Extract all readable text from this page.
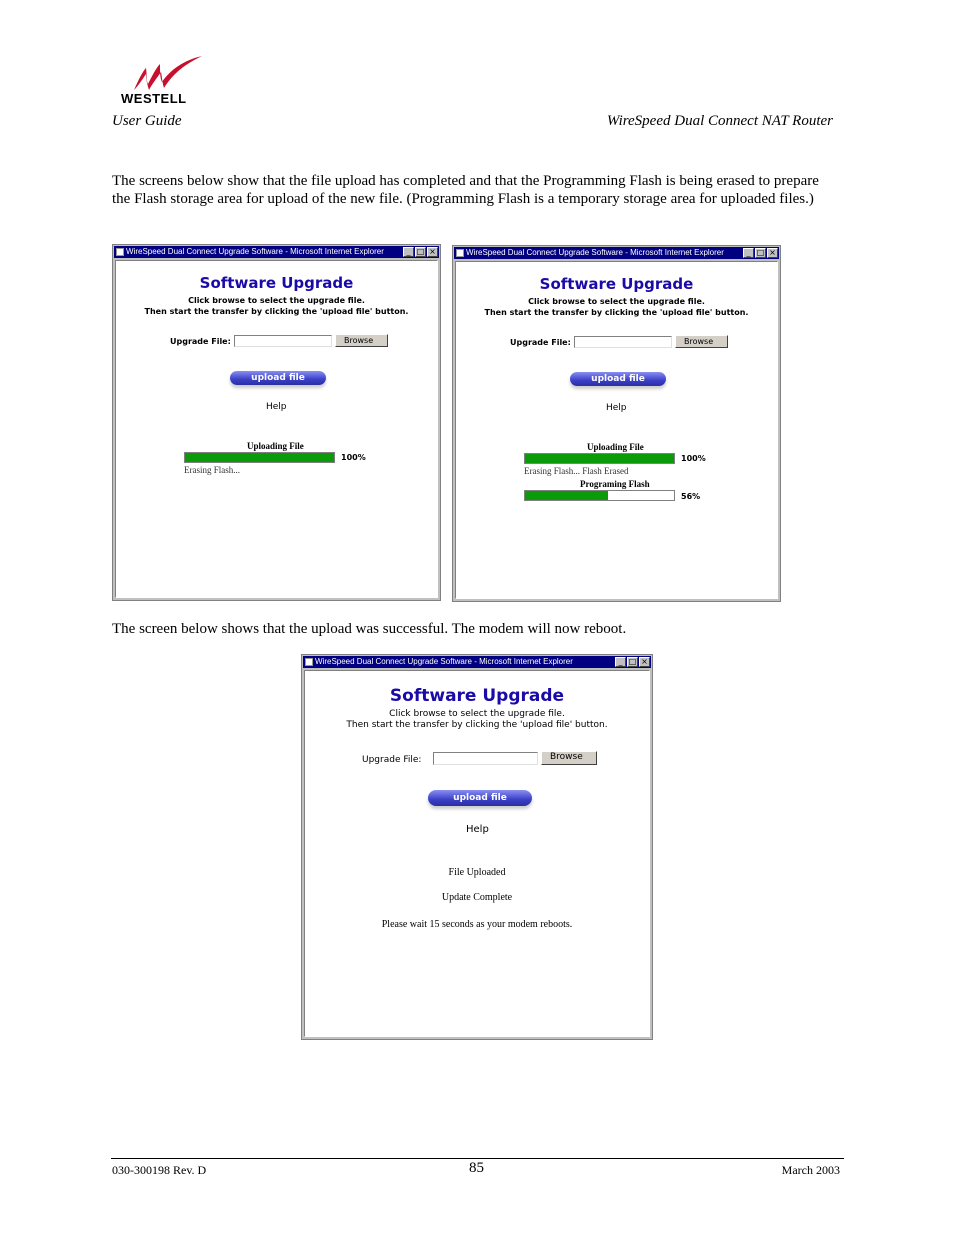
WESTELL
User Guide	WireSpeed Dual Connect NAT Router
The screens below show that the file upload has completed and that the Programming Flash is being erased to prepare the Flash storage area for upload of the new file. (Programming Flash is a temporary storage area for uploaded files.)
WireSpeed Dual Connect Upgrade Software - Microsoft Internet Explorer	_ □ ×
Software Upgrade
Click browse to select the upgrade file.
Then start the transfer by clicking the 'upload file' button.
Upgrade File:	Browse
upload file
Help
Uploading File
100%
Erasing Flash...
WireSpeed Dual Connect Upgrade Software - Microsoft Internet Explorer	_ □ ×
Software Upgrade
Click browse to select the upgrade file.
Then start the transfer by clicking the 'upload file' button.
Upgrade File:	Browse
upload file
Help
Uploading File
100%
Erasing Flash... Flash Erased
Programing Flash
56%
The screen below shows that the upload was successful. The modem will now reboot.
WireSpeed Dual Connect Upgrade Software - Microsoft Internet Explorer	_ □ ×
Software Upgrade
Click browse to select the upgrade file.
Then start the transfer by clicking the 'upload file' button.
Upgrade File:	Browse
upload file
Help
File Uploaded
Update Complete
Please wait 15 seconds as your modem reboots.
030-300198 Rev. D	85	March 2003
